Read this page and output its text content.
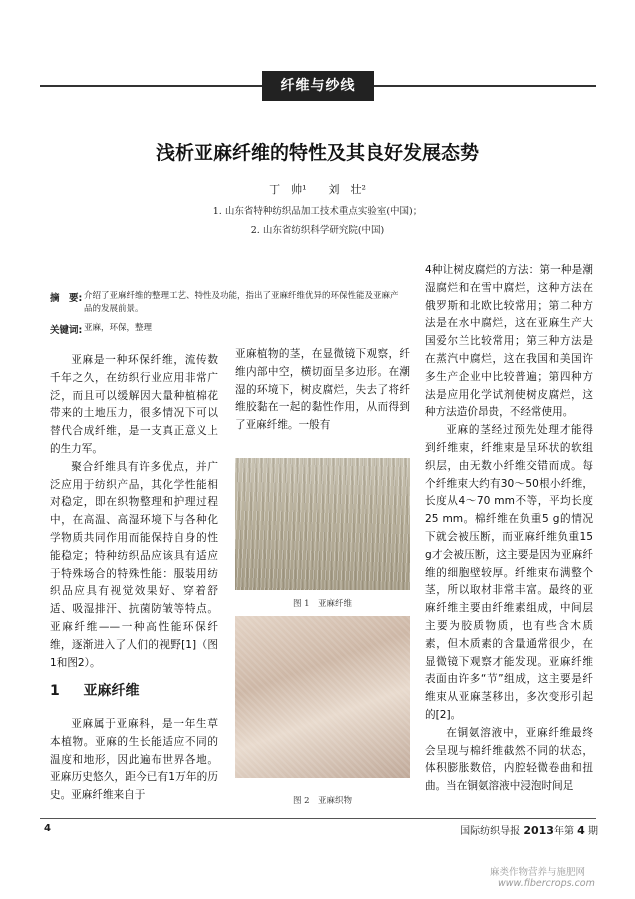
纤维与纱线
浅析亚麻纤维的特性及其良好发展态势
丁　帅¹　　刘　壮²
1. 山东省特种纺织品加工技术重点实验室(中国)；
2. 山东省纺织科学研究院(中国)
摘　要: 介绍了亚麻纤维的整理工艺、特性及功能，指出了亚麻纤维优异的环保性能及亚麻产品的发展前景。
关键词: 亚麻，环保，整理

亚麻是一种环保纤维，流传数千年之久，在纺织行业应用非常广泛，而且可以缓解因大量种植棉花带来的土地压力，很多情况下可以替代合成纤维，是一支真正意义上的生力军。

聚合纤维具有许多优点，并广泛应用于纺织产品，其化学性能相对稳定，即在织物整理和护理过程中，在高温、高湿环境下与各种化学物质共同作用而能保持自身的性能稳定；特种纺织品应该具有适应于特殊场合的特殊性能：服装用纺织品应具有视觉效果好、穿着舒适、吸湿排汗、抗菌防皱等特点。亚麻纤维——一种高性能环保纤维，逐渐进入了人们的视野[1]（图1和图2）。

1 亚麻纤维

亚麻属于亚麻科，是一年生草本植物。亚麻的生长能适应不同的温度和地形，因此遍布世界各地。亚麻历史悠久，距今已有1万年的历史。亚麻纤维来自于

亚麻植物的茎，在显微镜下观察，纤维内部中空，横切面呈多边形。在潮湿的环境下，树皮腐烂，失去了将纤维胶黏在一起的黏性作用，从而得到了亚麻纤维。一般有

图 1　亚麻纤维
图 2　亚麻织物

4种让树皮腐烂的方法：第一种是潮湿腐烂和在雪中腐烂，这种方法在俄罗斯和北欧比较常用；第二种方法是在水中腐烂，这在亚麻生产大国爱尔兰比较常用；第三种方法是在蒸汽中腐烂，这在我国和美国许多生产企业中比较普遍；第四种方法是应用化学试剂使树皮腐烂，这种方法造价昂贵，不经常使用。

亚麻的茎经过预先处理才能得到纤维束，纤维束是呈环状的软组织层，由无数小纤维交错而成。每个纤维束大约有30～50根小纤维，长度从4～70 mm不等，平均长度25 mm。棉纤维在负重5 g的情况下就会被压断，而亚麻纤维负重15 g才会被压断，这主要是因为亚麻纤维的细胞壁较厚。纤维束布满整个茎，所以取材非常丰富。最终的亚麻纤维主要由纤维素组成，中间层主要为胶质物质，也有些含木质素，但木质素的含量通常很少，在显微镜下观察才能发现。亚麻纤维表面由许多“节”组成，这主要是纤维束从亚麻茎移出，多次变形引起的[2]。

在铜氨溶液中，亚麻纤维最终会呈现与棉纤维截然不同的状态，体积膨胀数倍，内腔轻微卷曲和扭曲。当在铜氨溶液中浸泡时间足

4	国际纺织导报 2013年第 4 期
麻类作物营养与施肥网
www.fibercrops.com
